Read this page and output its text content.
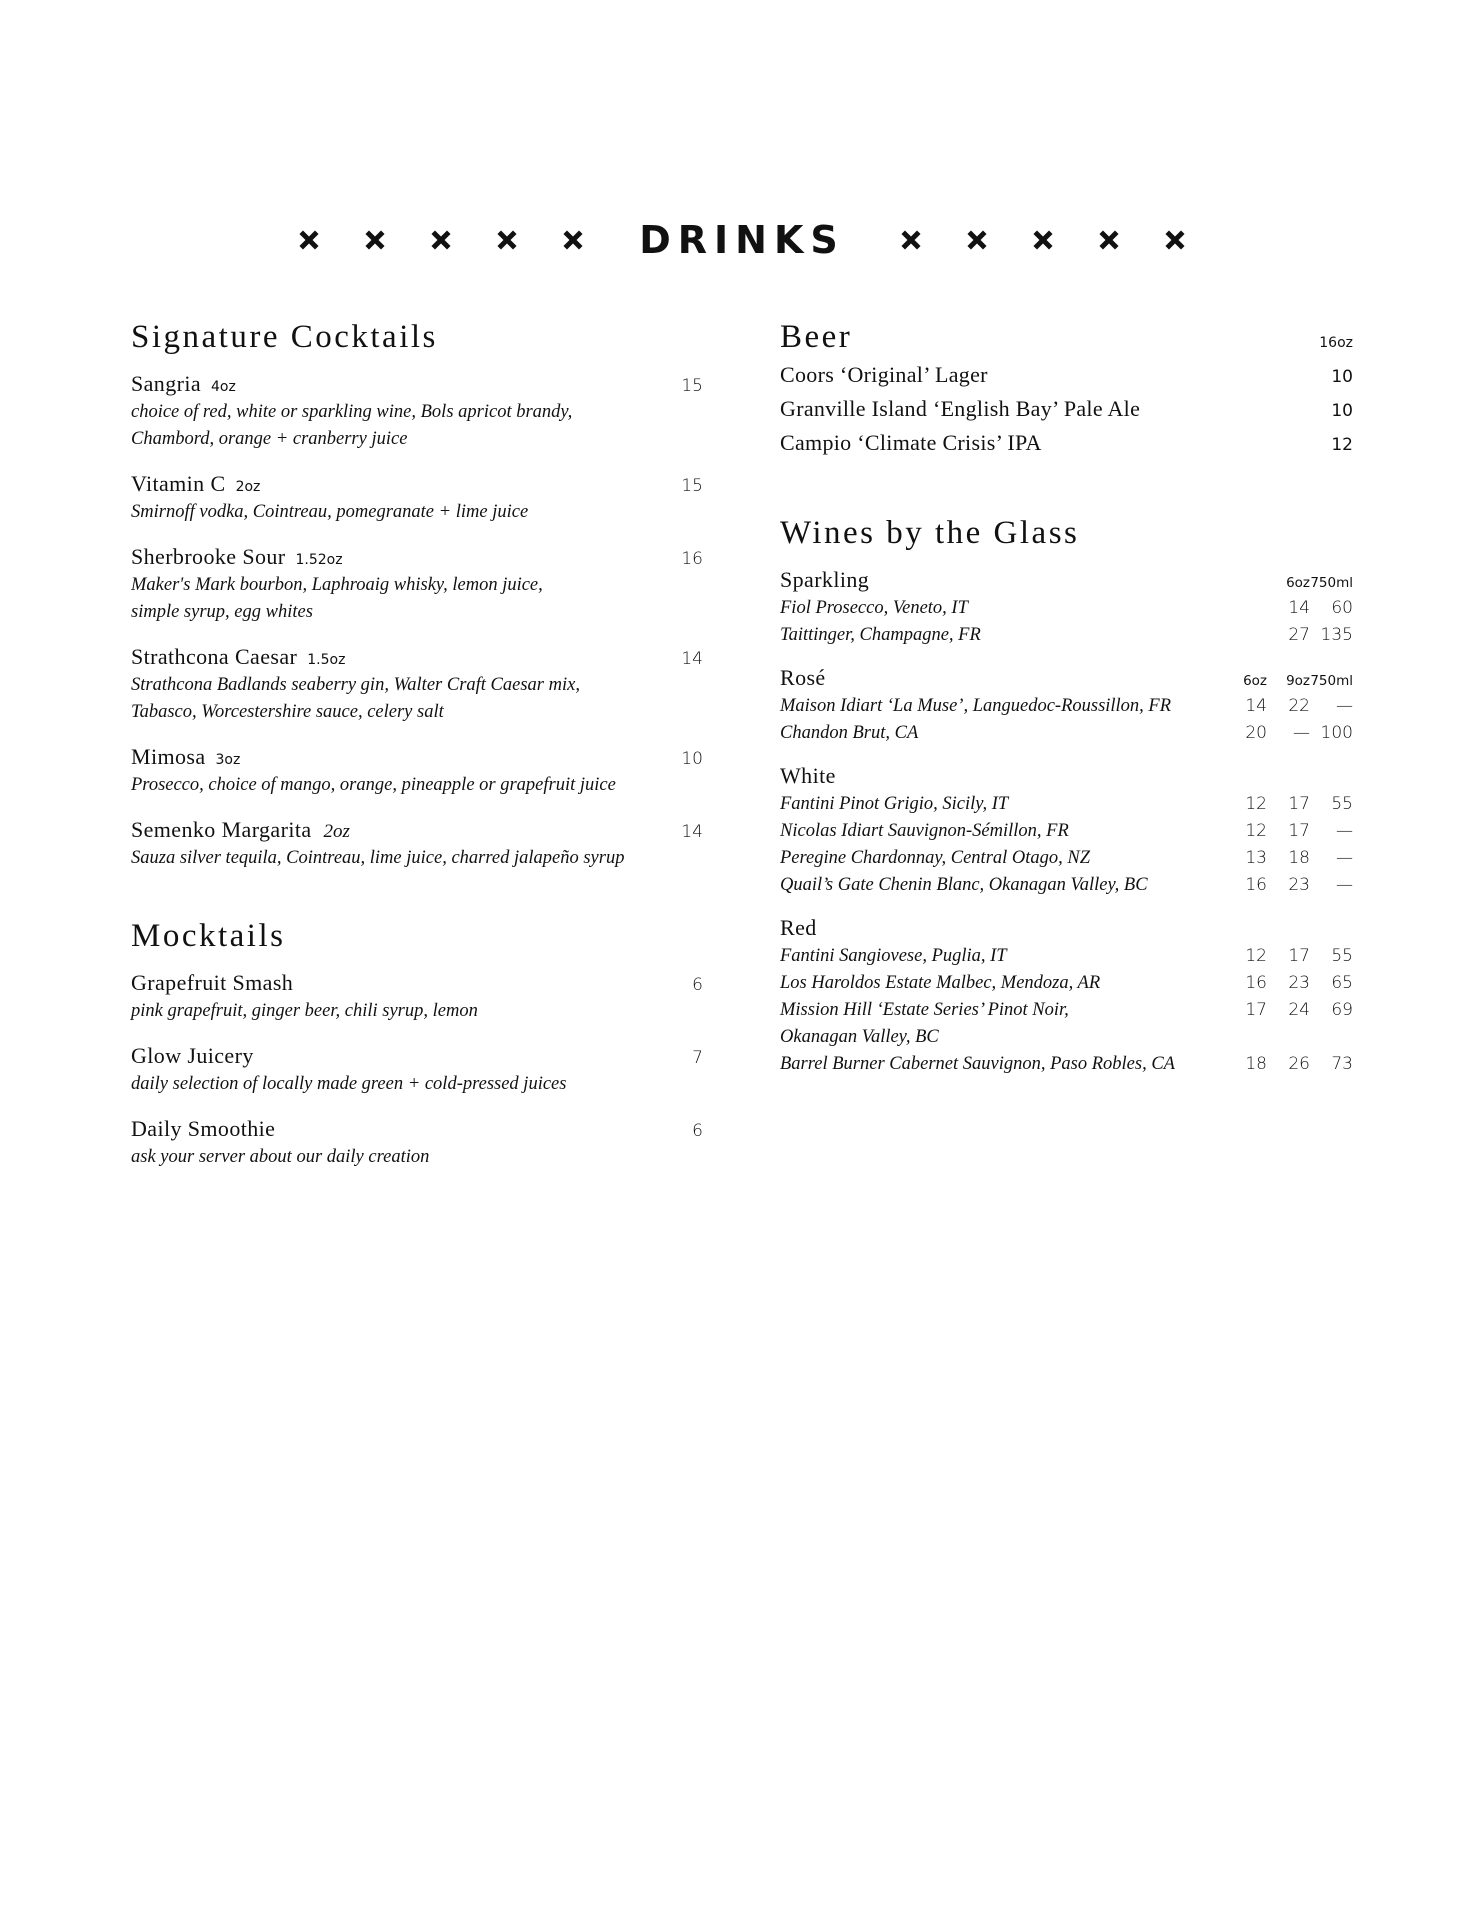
DRINKS
Signature Cocktails
Sangria 4oz	15
choice of red, white or sparkling wine, Bols apricot brandy,
Chambord, orange + cranberry juice
Vitamin C 2oz	15
Smirnoff vodka, Cointreau, pomegranate + lime juice
Sherbrooke Sour 1.52oz	16
Maker's Mark bourbon, Laphroaig whisky, lemon juice,
simple syrup, egg whites
Strathcona Caesar 1.5oz	14
Strathcona Badlands seaberry gin, Walter Craft Caesar mix,
Tabasco, Worcestershire sauce, celery salt
Mimosa 3oz	10
Prosecco, choice of mango, orange, pineapple or grapefruit juice
Semenko Margarita 2oz	14
Sauza silver tequila, Cointreau, lime juice, charred jalapeño syrup
Mocktails
Grapefruit Smash	6
pink grapefruit, ginger beer, chili syrup, lemon
Glow Juicery	7
daily selection of locally made green + cold-pressed juices
Daily Smoothie	6
ask your server about our daily creation
Beer	16oz
Coors ‘Original’ Lager	10
Granville Island ‘English Bay’ Pale Ale	10
Campio ‘Climate Crisis’ IPA	12
Wines by the Glass
Sparkling	6oz 750ml
Fiol Prosecco, Veneto, IT	14	60
Taittinger, Champagne, FR	27 135
Rosé	6oz	9oz 750ml
Maison Idiart ‘La Muse’, Languedoc-Roussillon, FR	14	22	—
Chandon Brut, CA	20	— 100
White
Fantini Pinot Grigio, Sicily, IT	12	17	55
Nicolas Idiart Sauvignon-Sémillon, FR	12	17	—
Peregine Chardonnay, Central Otago, NZ	13	18	—
Quail’s Gate Chenin Blanc, Okanagan Valley, BC	16	23	—
Red
Fantini Sangiovese, Puglia, IT	12	17	55
Los Haroldos Estate Malbec, Mendoza, AR	16	23	65
Mission Hill ‘Estate Series’ Pinot Noir,
Okanagan Valley, BC
17	24	69
Barrel Burner Cabernet Sauvignon, Paso Robles, CA	18	26	73
